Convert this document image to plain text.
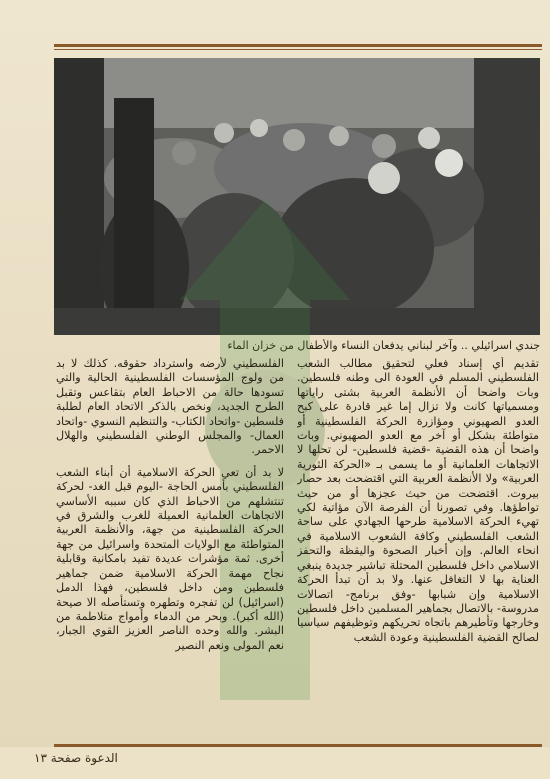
جندي اسرائيلي .. وآخر لبناني يدفعان النساء والأطفال من خزان الماء

تقديم أي إسناد فعلي لتحقيق مطالب الشعب الفلسطيني المسلم في العودة الى وطنه فلسطين. وبات واضحا أن الأنظمة العربية بشتى راياتها ومسمياتها كانت ولا تزال إما غير قادرة على كبح العدو الصهيوني ومؤازرة الحركة الفلسطينية أو متواطئة بشكل أو آخر مع العدو الصهيوني. وبات واضحا أن هذه القضية -قضية فلسطين- لن تحلها لا الاتجاهات العلمانية أو ما يسمى بـ «الحركة الثورية العربية» ولا الأنظمة العربية التي اقتضحت بعد حصار بيروت. اقتضحت من حيث عجزها أو من حيث تواطؤها. وفي تصورنا أن الفرصة الآن مؤاتية لكي تهيء الحركة الاسلامية طرحها الجهادي على ساحة الشعب الفلسطيني وكافة الشعوب الاسلامية في انحاء العالم. وإن أخبار الصحوة واليقظة والتحفز الاسلامي داخل فلسطين المحتلة تباشير جديدة ينبغي العناية بها لا التغافل عنها. ولا بد أن تبدأ الحركة الاسلامية وإن شبابها -وفق برنامج- اتصالات مدروسة- بالاتصال بجماهير المسلمين داخل فلسطين وخارجها وتأطيرهم باتجاه تحريكهم وتوظيفهم سياسيا لصالح القضية الفلسطينية وعودة الشعب

الفلسطيني لأرضه واسترداد حقوقه. كذلك لا بد من ولوج المؤسسات الفلسطينية الحالية والتي تسودها حالة من الاحباط العام بتقاعس وتقبل الطرح الجديد، ونخص بالذكر الاتحاد العام لطلبة فلسطين -واتحاد الكتاب- والتنظيم النسوي -واتحاد العمال- والمجلس الوطني الفلسطيني والهلال الاحمر.

لا بد أن تعي الحركة الاسلامية أن أبناء الشعب الفلسطيني بأمس الحاجة -اليوم قبل الغد- لحركة تنتشلهم من الاحباط الذي كان سببه الأساسي الاتجاهات العلمانية العميلة للغرب والشرق في الحركة الفلسطينية من جهة، والأنظمة العربية المتواطئة مع الولايات المتحدة واسرائيل من جهة أخرى. ثمة مؤشرات عديدة تفيد بامكانية وقابلية نجاح مهمة الحركة الاسلامية ضمن جماهير فلسطين ومن داخل فلسطين، فهذا الدمل (اسرائيل) لن تفجره وتطهره وتستأصله الا صيحة (الله أكبر). وبحر من الدماء وأمواج متلاطمة من البشر. والله وحده الناصر العزيز القوي الجبار، نعم المولى ونعم النصير

الدعوة صفحة ١٣
